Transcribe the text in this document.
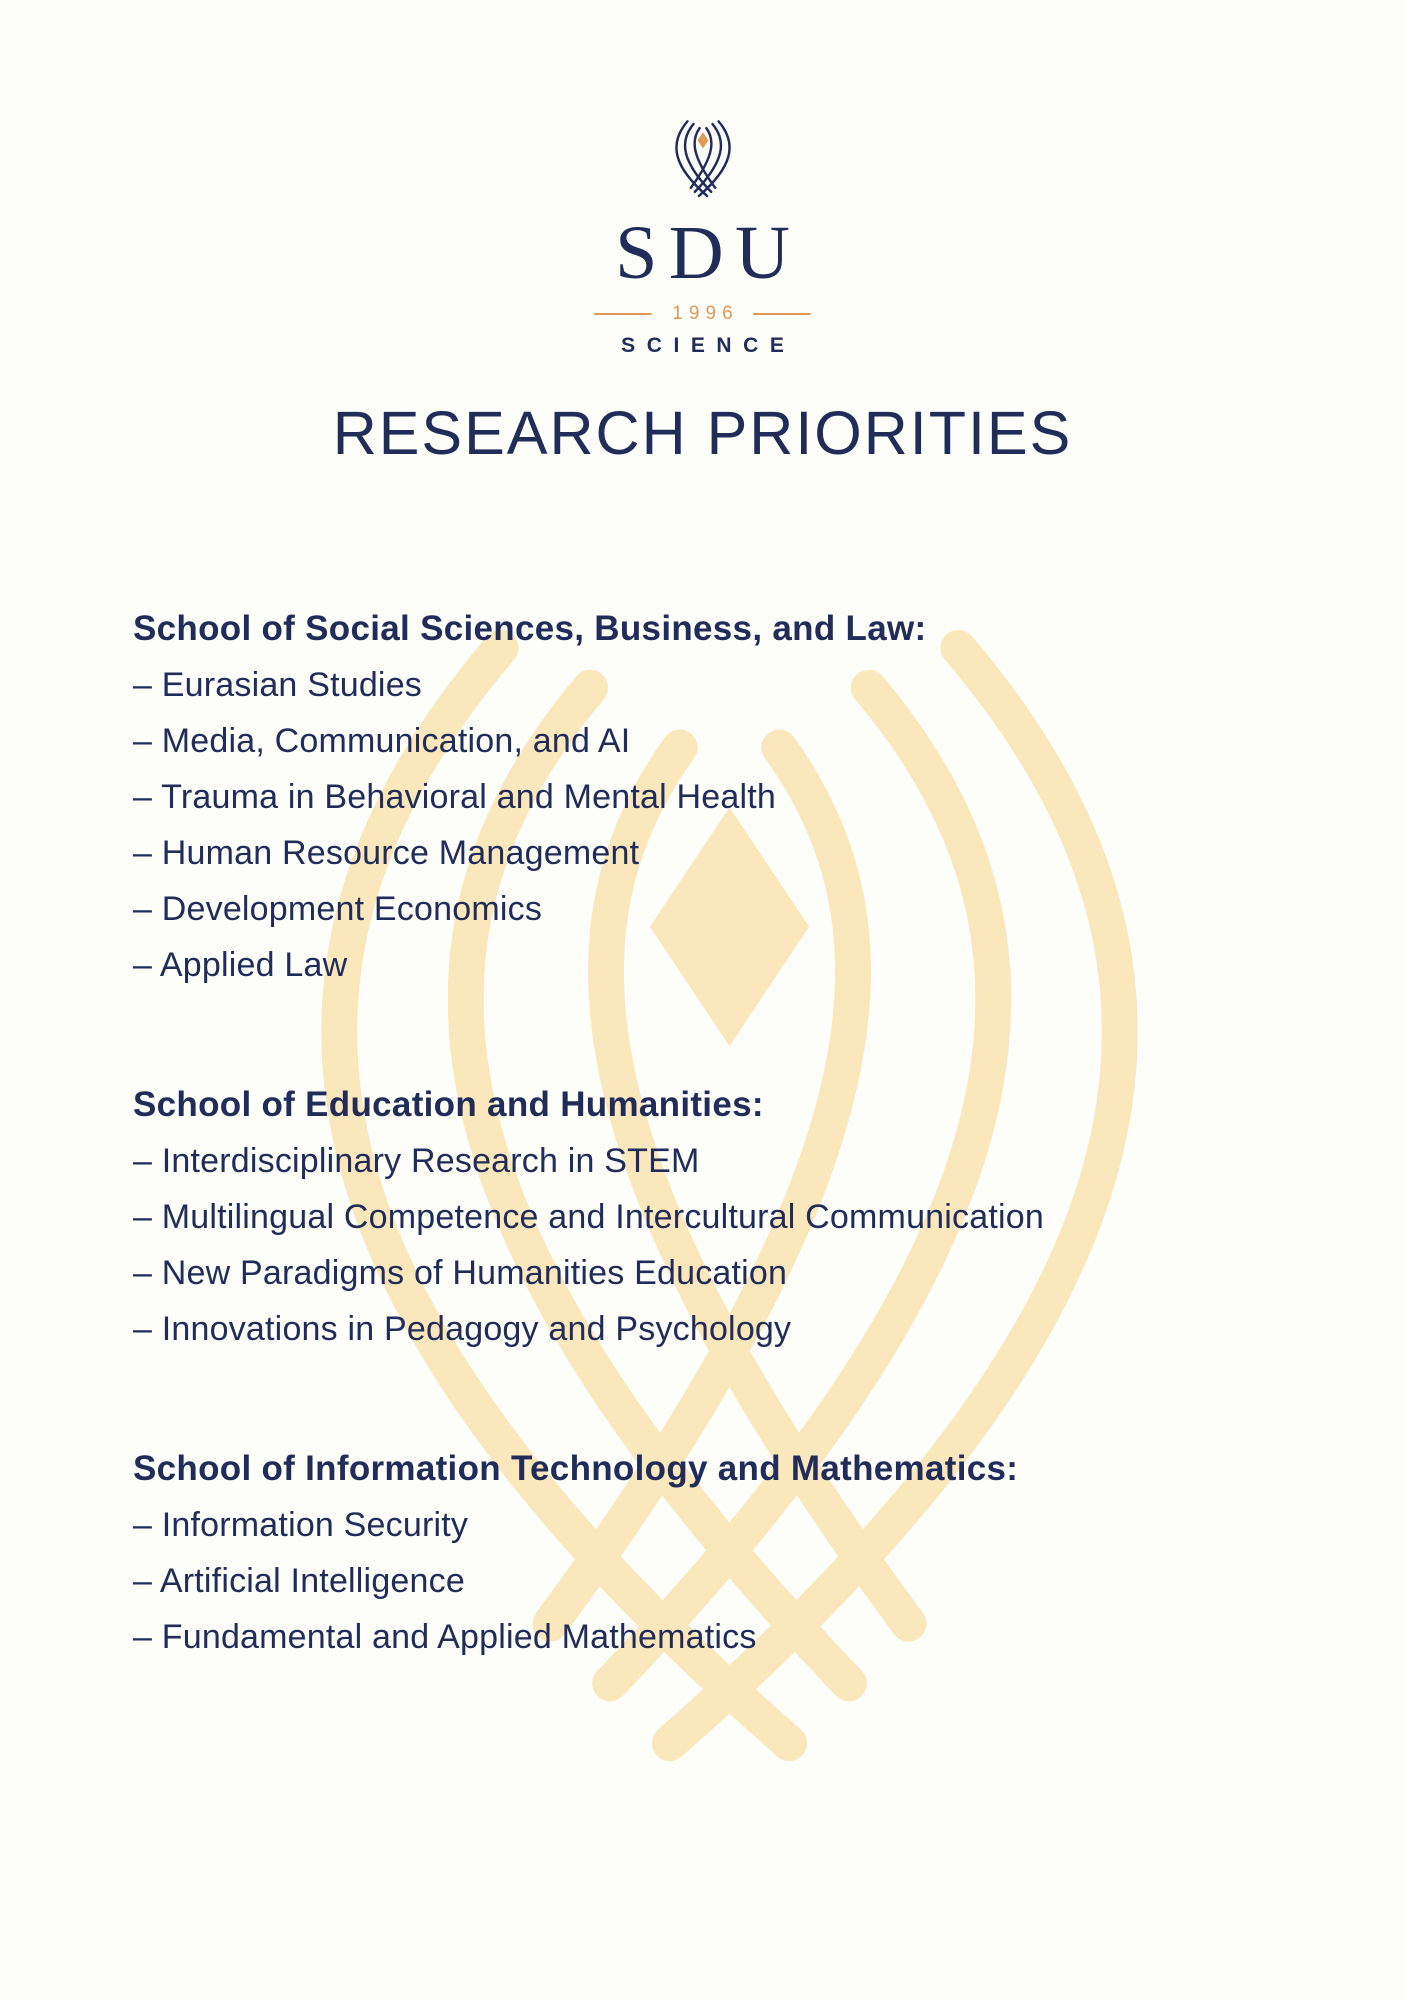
SDU
1996
SCIENCE
RESEARCH PRIORITIES
School of Social Sciences, Business, and Law:
– Eurasian Studies
– Media, Communication, and AI
– Trauma in Behavioral and Mental Health
– Human Resource Management
– Development Economics
– Applied Law
School of Education and Humanities:
– Interdisciplinary Research in STEM
– Multilingual Competence and Intercultural Communication
– New Paradigms of Humanities Education
– Innovations in Pedagogy and Psychology
School of Information Technology and Mathematics:
– Information Security
– Artificial Intelligence
– Fundamental and Applied Mathematics
